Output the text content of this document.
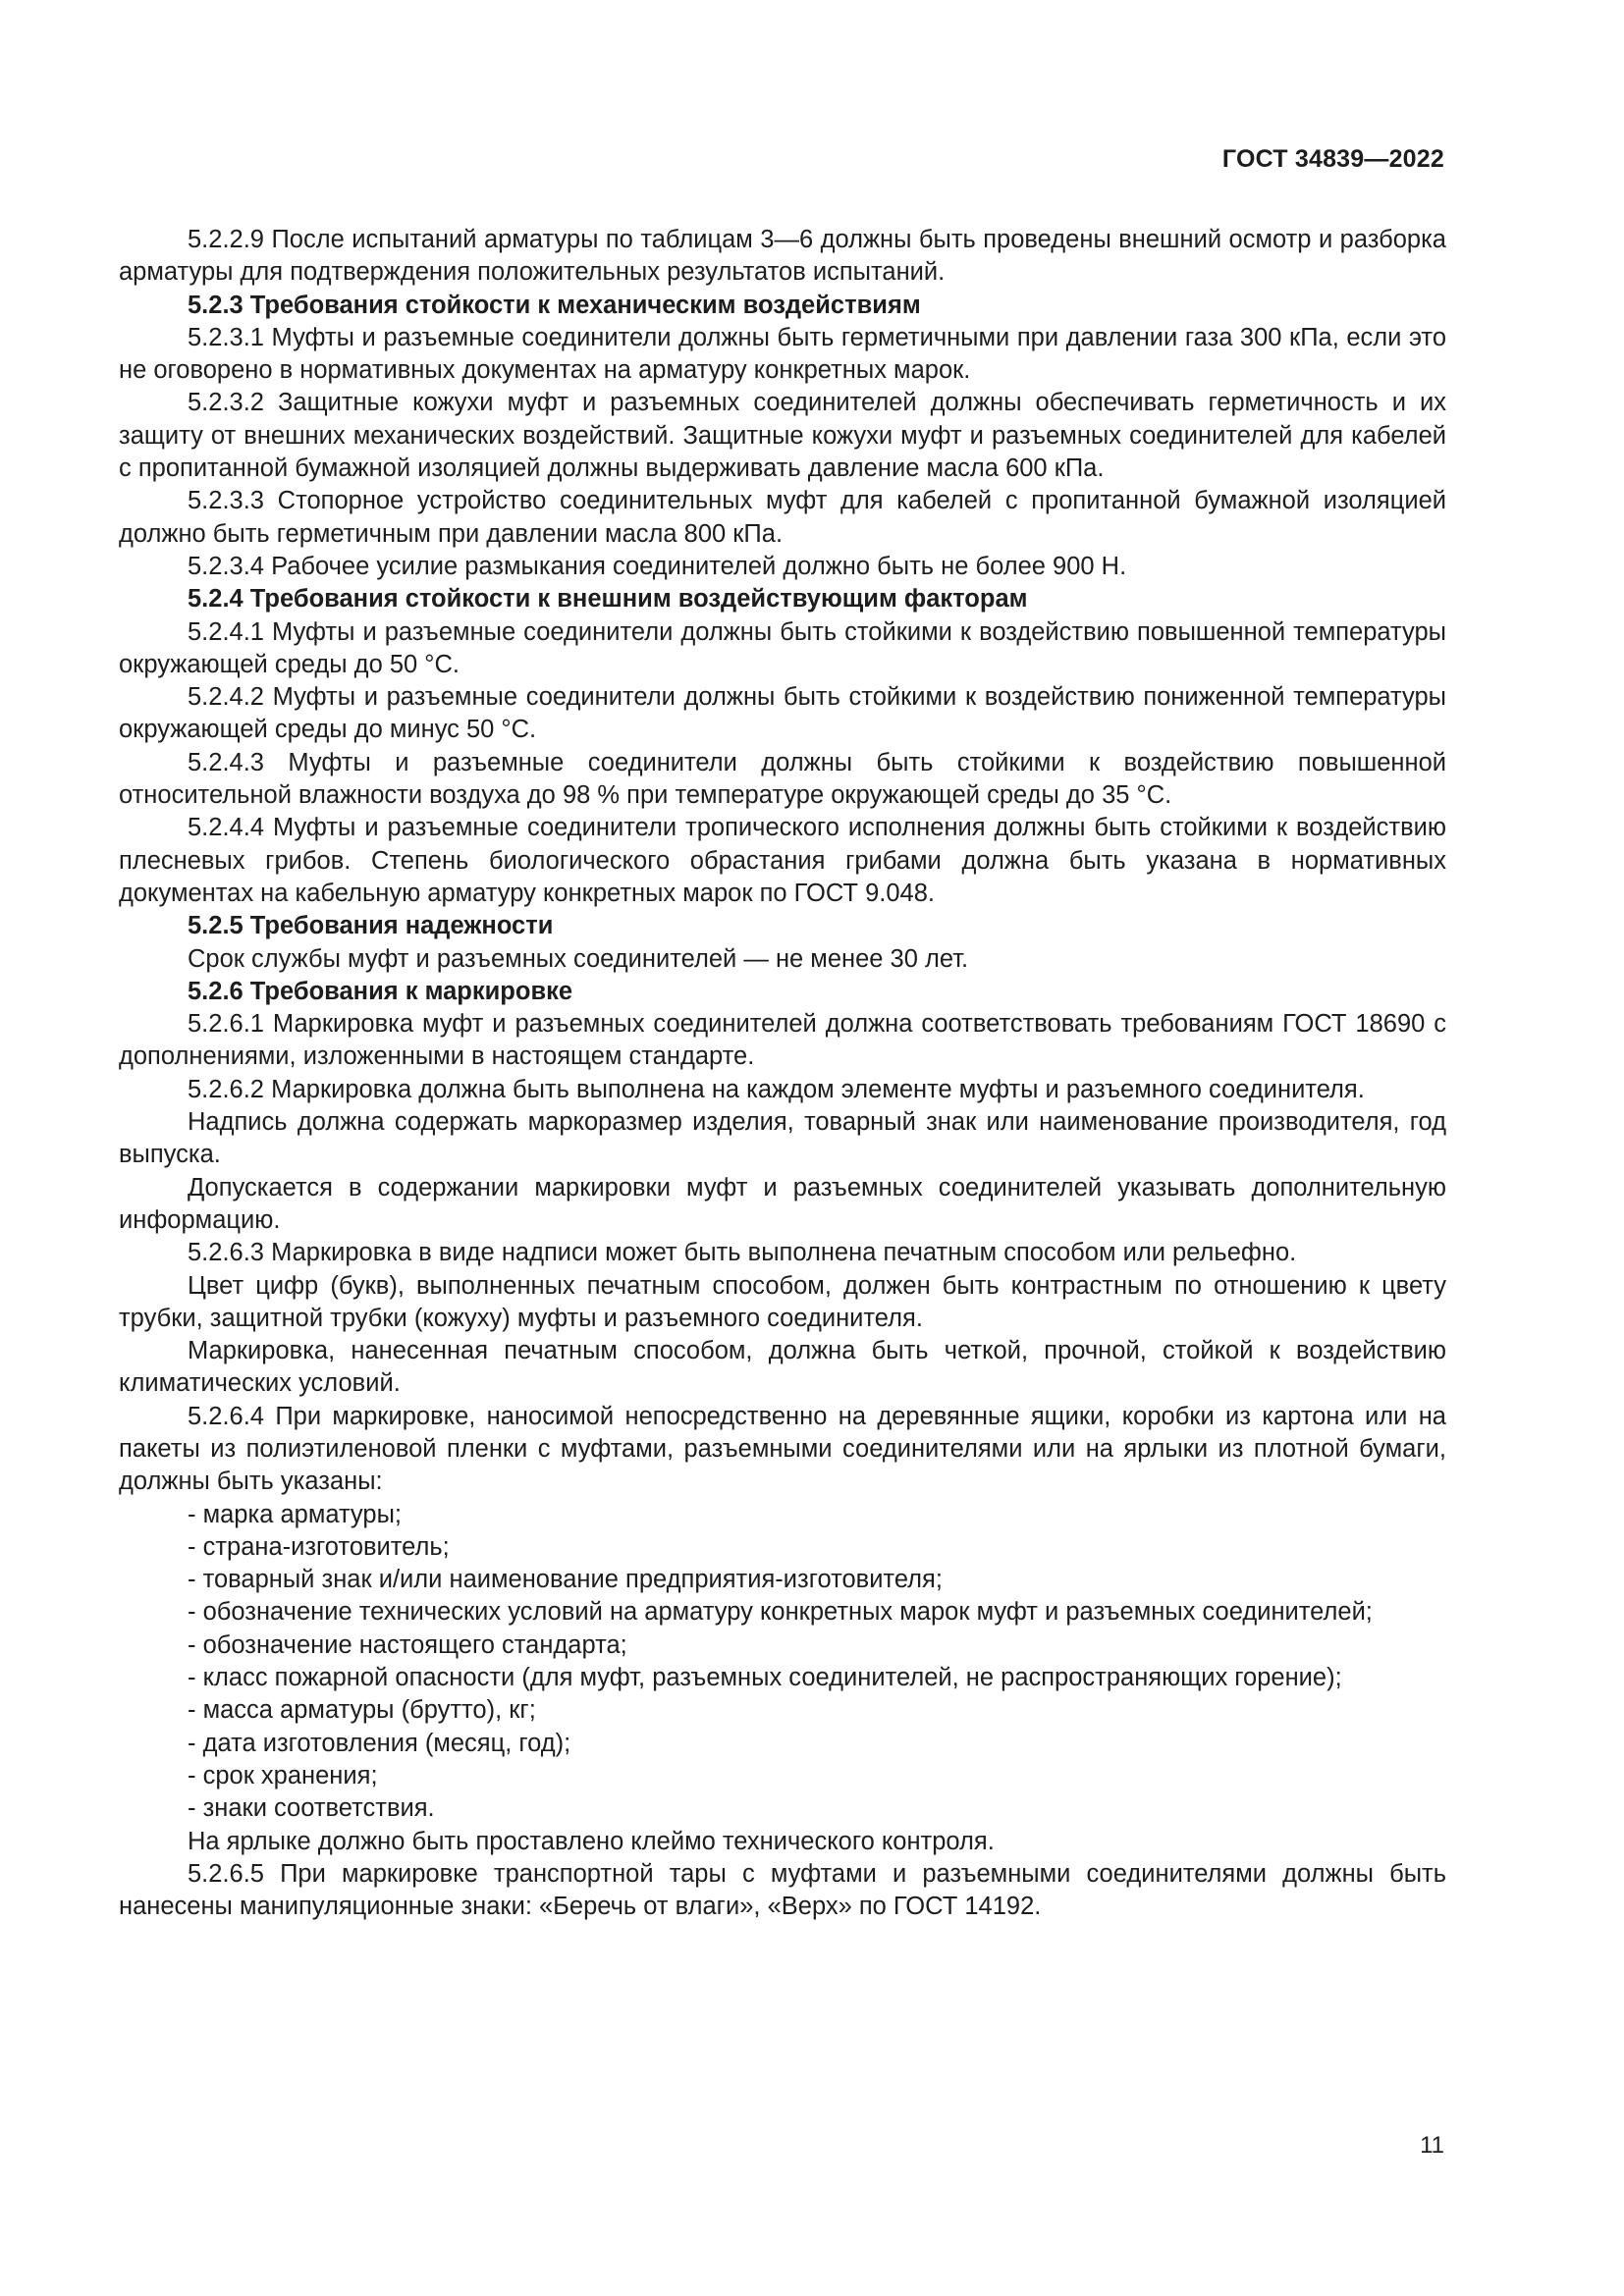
ГОСТ 34839—2022

5.2.2.9 После испытаний арматуры по таблицам 3—6 должны быть проведены внешний осмотр и разборка арматуры для подтверждения положительных результатов испытаний.

5.2.3 Требования стойкости к механическим воздействиям

5.2.3.1 Муфты и разъемные соединители должны быть герметичными при давлении газа 300 кПа, если это не оговорено в нормативных документах на арматуру конкретных марок.

5.2.3.2 Защитные кожухи муфт и разъемных соединителей должны обеспечивать герметичность и их защиту от внешних механических воздействий. Защитные кожухи муфт и разъемных соединителей для кабелей с пропитанной бумажной изоляцией должны выдерживать давление масла 600 кПа.

5.2.3.3 Стопорное устройство соединительных муфт для кабелей с пропитанной бумажной изоляцией должно быть герметичным при давлении масла 800 кПа.

5.2.3.4 Рабочее усилие размыкания соединителей должно быть не более 900 Н.

5.2.4 Требования стойкости к внешним воздействующим факторам

5.2.4.1 Муфты и разъемные соединители должны быть стойкими к воздействию повышенной температуры окружающей среды до 50 °С.

5.2.4.2 Муфты и разъемные соединители должны быть стойкими к воздействию пониженной температуры окружающей среды до минус 50 °С.

5.2.4.3 Муфты и разъемные соединители должны быть стойкими к воздействию повышенной относительной влажности воздуха до 98 % при температуре окружающей среды до 35 °С.

5.2.4.4 Муфты и разъемные соединители тропического исполнения должны быть стойкими к воздействию плесневых грибов. Степень биологического обрастания грибами должна быть указана в нормативных документах на кабельную арматуру конкретных марок по ГОСТ 9.048.

5.2.5 Требования надежности

Срок службы муфт и разъемных соединителей — не менее 30 лет.

5.2.6 Требования к маркировке

5.2.6.1 Маркировка муфт и разъемных соединителей должна соответствовать требованиям ГОСТ 18690 с дополнениями, изложенными в настоящем стандарте.

5.2.6.2 Маркировка должна быть выполнена на каждом элементе муфты и разъемного соединителя.

Надпись должна содержать маркоразмер изделия, товарный знак или наименование производителя, год выпуска.

Допускается в содержании маркировки муфт и разъемных соединителей указывать дополнительную информацию.

5.2.6.3 Маркировка в виде надписи может быть выполнена печатным способом или рельефно.

Цвет цифр (букв), выполненных печатным способом, должен быть контрастным по отношению к цвету трубки, защитной трубки (кожуху) муфты и разъемного соединителя.

Маркировка, нанесенная печатным способом, должна быть четкой, прочной, стойкой к воздействию климатических условий.

5.2.6.4 При маркировке, наносимой непосредственно на деревянные ящики, коробки из картона или на пакеты из полиэтиленовой пленки с муфтами, разъемными соединителями или на ярлыки из плотной бумаги, должны быть указаны:

- марка арматуры;

- страна-изготовитель;

- товарный знак и/или наименование предприятия-изготовителя;

- обозначение технических условий на арматуру конкретных марок муфт и разъемных соединителей;

- обозначение настоящего стандарта;

- класс пожарной опасности (для муфт, разъемных соединителей, не распространяющих горение);

- масса арматуры (брутто), кг;

- дата изготовления (месяц, год);

- срок хранения;

- знаки соответствия.

На ярлыке должно быть проставлено клеймо технического контроля.

5.2.6.5 При маркировке транспортной тары с муфтами и разъемными соединителями должны быть нанесены манипуляционные знаки: «Беречь от влаги», «Верх» по ГОСТ 14192.

11
